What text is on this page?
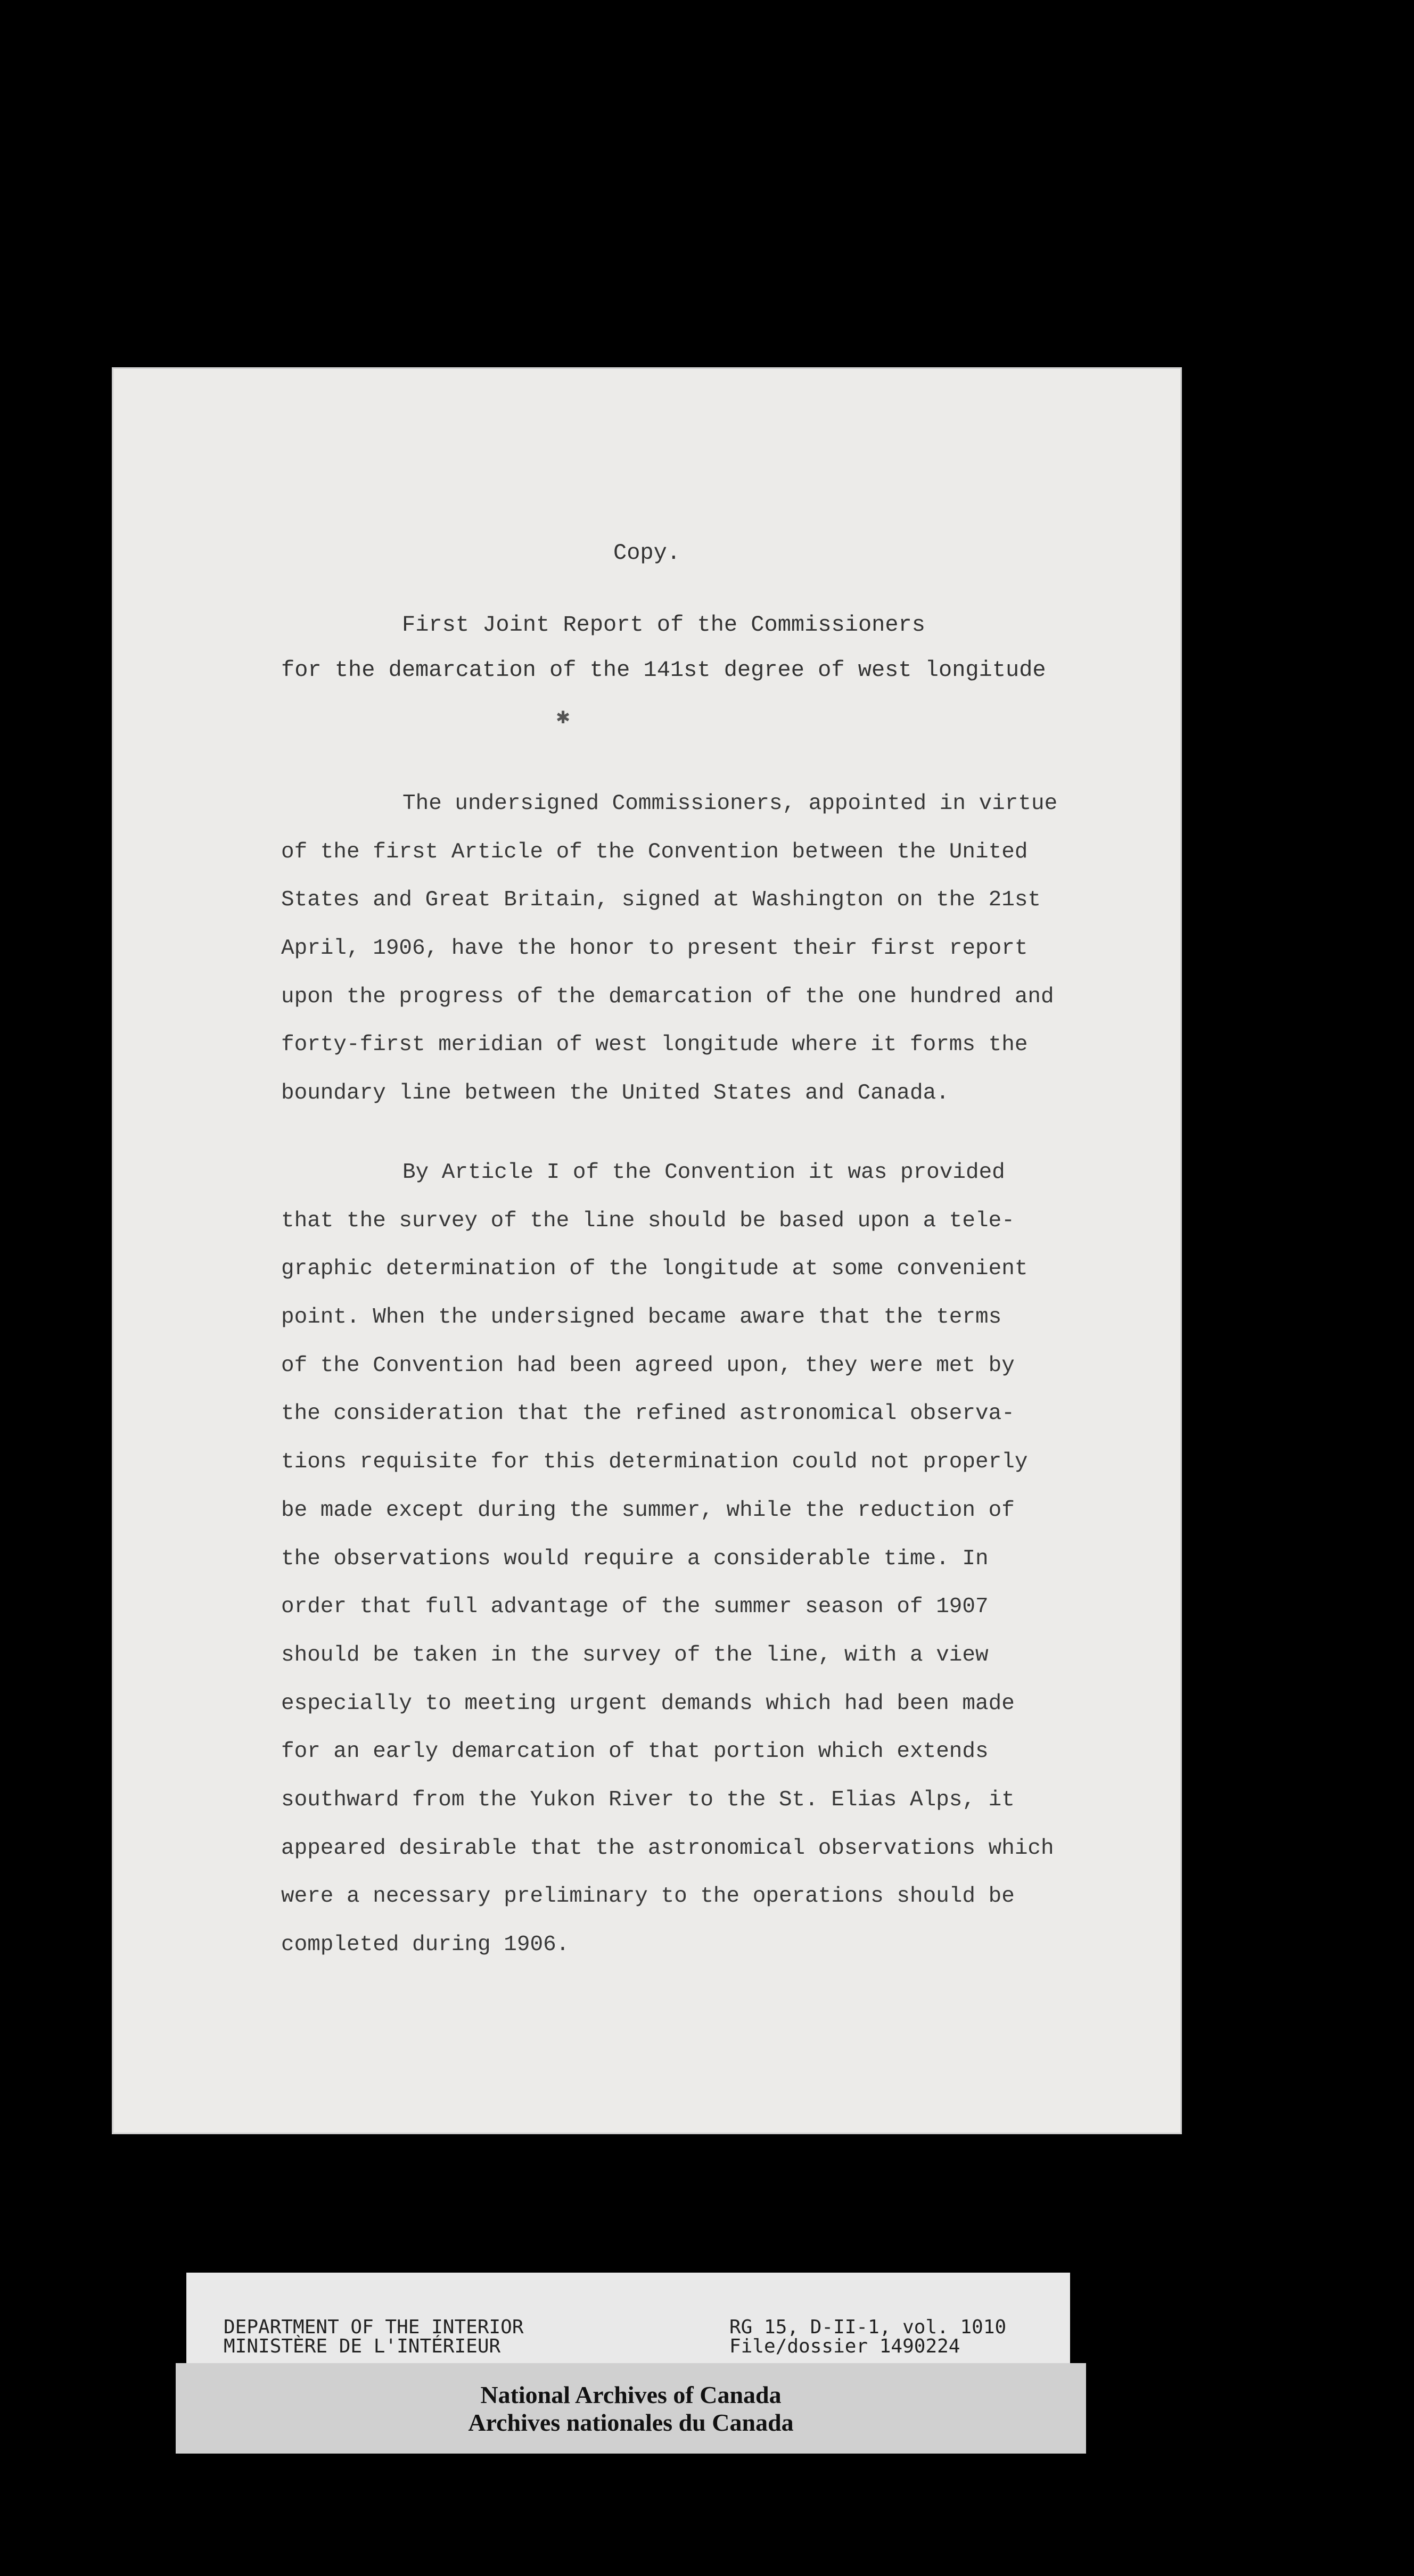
Copy.
First Joint Report of the Commissioners
for the demarcation of the 141st degree of west longitude
✱
The undersigned Commissioners, appointed in virtue
of the first Article of the Convention between the United
States and Great Britain, signed at Washington on the 21st
April, 1906, have the honor to present their first report
upon the progress of the demarcation of the one hundred and
forty-first meridian of west longitude where it forms the
boundary line between the United States and Canada.
By Article I of the Convention it was provided
that the survey of the line should be based upon a tele-
graphic determination of the longitude at some convenient
point. When the undersigned became aware that the terms
of the Convention had been agreed upon, they were met by
the consideration that the refined astronomical observa-
tions requisite for this determination could not properly
be made except during the summer, while the reduction of
the observations would require a considerable time. In
order that full advantage of the summer season of 1907
should be taken in the survey of the line, with a view
especially to meeting urgent demands which had been made
for an early demarcation of that portion which extends
southward from the Yukon River to the St. Elias Alps, it
appeared desirable that the astronomical observations which
were a necessary preliminary to the operations should be
completed during 1906.
DEPARTMENT OF THE INTERIOR
MINISTÈRE DE L'INTÉRIEUR
RG 15, D-II-1, vol. 1010
File/dossier 1490224
National Archives of Canada
Archives nationales du Canada
